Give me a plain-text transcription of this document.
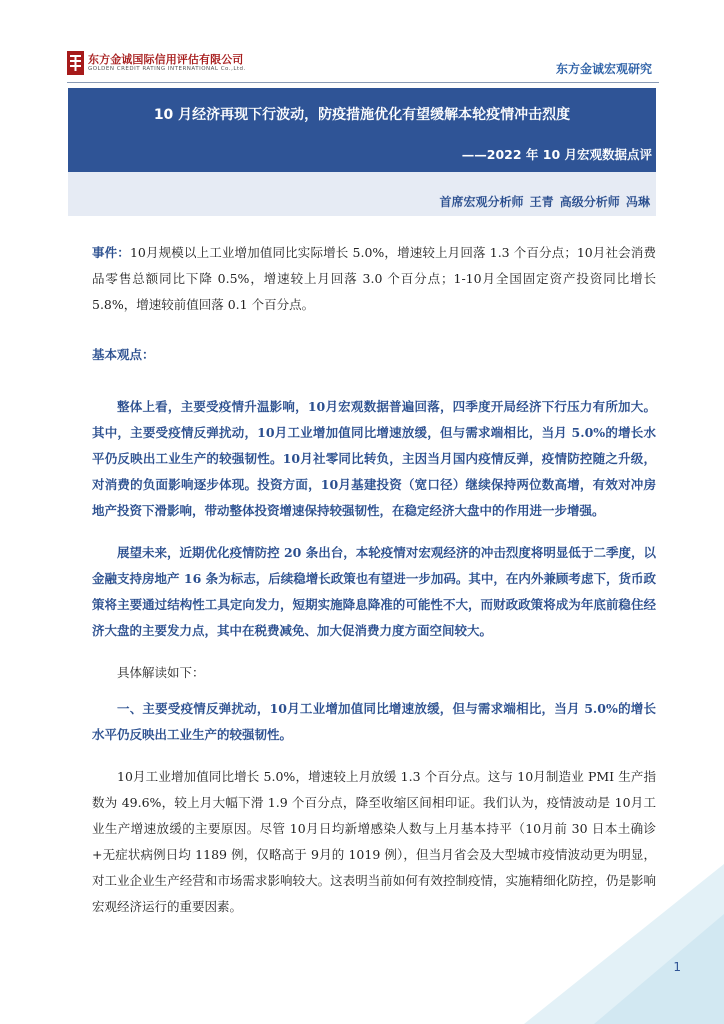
东方金诚国际信用评估有限公司
GOLDEN CREDIT RATING INTERNATIONAL Co.,Ltd.	东方金诚宏观研究
10 月经济再现下行波动，防疫措施优化有望缓解本轮疫情冲击烈度
——2022 年 10 月宏观数据点评
首席宏观分析师 王青 高级分析师 冯琳
事件：10月规模以上工业增加值同比实际增长 5.0%，增速较上月回落 1.3 个百分点；10月社会消费品零售总额同比下降 0.5%，增速较上月回落 3.0 个百分点；1-10月全国固定资产投资同比增长 5.8%，增速较前值回落 0.1 个百分点。
基本观点：
整体上看，主要受疫情升温影响，10月宏观数据普遍回落，四季度开局经济下行压力有所加大。其中，主要受疫情反弹扰动，10月工业增加值同比增速放缓，但与需求端相比，当月 5.0%的增长水平仍反映出工业生产的较强韧性。10月社零同比转负，主因当月国内疫情反弹，疫情防控随之升级，对消费的负面影响逐步体现。投资方面，10月基建投资（宽口径）继续保持两位数高增，有效对冲房地产投资下滑影响，带动整体投资增速保持较强韧性，在稳定经济大盘中的作用进一步增强。
展望未来，近期优化疫情防控 20 条出台，本轮疫情对宏观经济的冲击烈度将明显低于二季度，以金融支持房地产 16 条为标志，后续稳增长政策也有望进一步加码。其中，在内外兼顾考虑下，货币政策将主要通过结构性工具定向发力，短期实施降息降准的可能性不大，而财政政策将成为年底前稳住经济大盘的主要发力点，其中在税费减免、加大促消费力度方面空间较大。
具体解读如下：
一、主要受疫情反弹扰动，10月工业增加值同比增速放缓，但与需求端相比，当月 5.0%的增长水平仍反映出工业生产的较强韧性。
10月工业增加值同比增长 5.0%，增速较上月放缓 1.3 个百分点。这与 10月制造业 PMI 生产指数为 49.6%，较上月大幅下滑 1.9 个百分点，降至收缩区间相印证。我们认为，疫情波动是 10月工业生产增速放缓的主要原因。尽管 10月日均新增感染人数与上月基本持平（10月前 30 日本土确诊+无症状病例日均 1189 例，仅略高于 9月的 1019 例），但当月省会及大型城市疫情波动更为明显，对工业企业生产经营和市场需求影响较大。这表明当前如何有效控制疫情，实施精细化防控，仍是影响宏观经济运行的重要因素。
1
